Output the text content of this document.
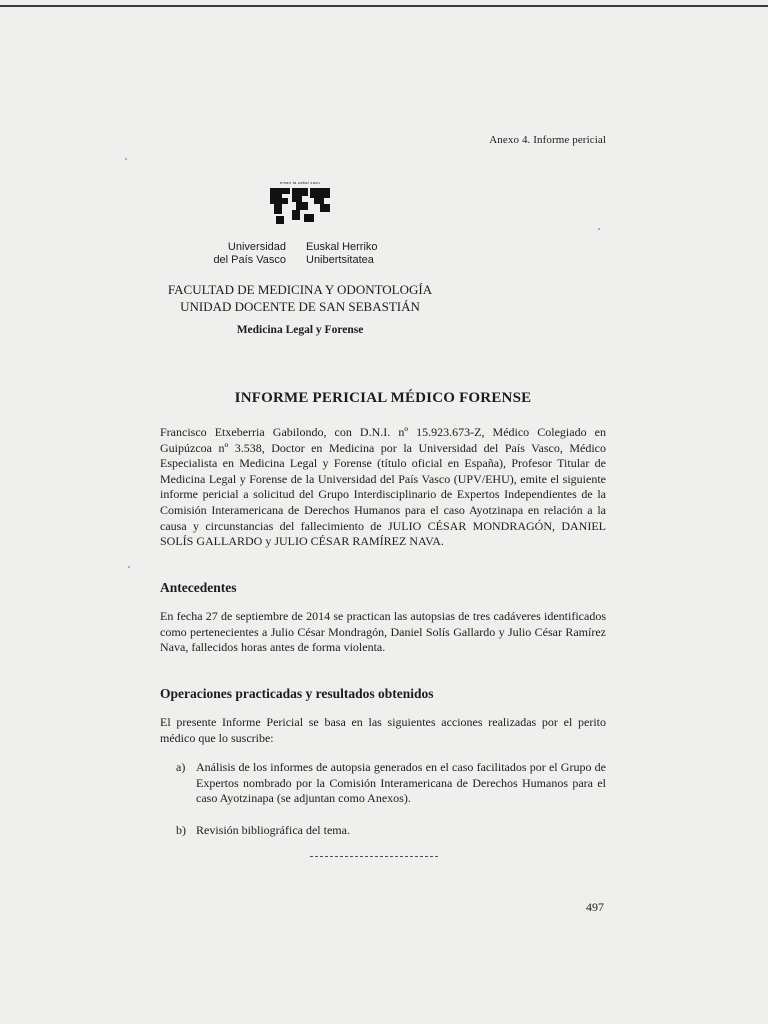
Anexo 4. Informe pericial
eman ta zabal zazu
Universidad
del País Vasco
Euskal Herriko
Unibertsitatea
FACULTAD DE MEDICINA Y ODONTOLOGÍA
UNIDAD DOCENTE DE SAN SEBASTIÁN
Medicina Legal y Forense
INFORME PERICIAL MÉDICO FORENSE

Francisco Etxeberria Gabilondo, con D.N.I. nº 15.923.673-Z, Médico Colegiado en Guipúzcoa nº 3.538, Doctor en Medicina por la Universidad del País Vasco, Médico Especialista en Medicina Legal y Forense (título oficial en España), Profesor Titular de Medicina Legal y Forense de la Universidad del País Vasco (UPV/EHU), emite el siguiente informe pericial a solicitud del Grupo Interdisciplinario de Expertos Independientes de la Comisión Interamericana de Derechos Humanos para el caso Ayotzinapa en relación a la causa y circunstancias del fallecimiento de JULIO CÉSAR MONDRAGÓN, DANIEL SOLÍS GALLARDO y JULIO CÉSAR RAMÍREZ NAVA.

Antecedentes

En fecha 27 de septiembre de 2014 se practican las autopsias de tres cadáveres identificados como pertenecientes a Julio César Mondragón, Daniel Solís Gallardo y Julio César Ramírez Nava, fallecidos horas antes de forma violenta.

Operaciones practicadas y resultados obtenidos

El presente Informe Pericial se basa en las siguientes acciones realizadas por el perito médico que lo suscribe:

a) Análisis de los informes de autopsia generados en el caso facilitados por el Grupo de Expertos nombrado por la Comisión Interamericana de Derechos Humanos para el caso Ayotzinapa (se adjuntan como Anexos).
b) Revisión bibliográfica del tema.
497
